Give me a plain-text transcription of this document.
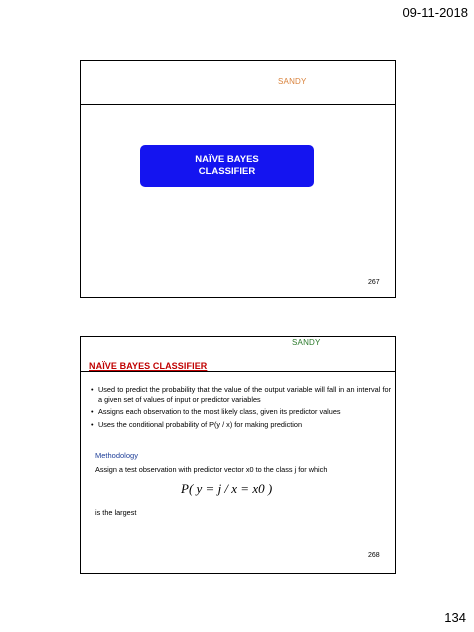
09-11-2018
SANDY
NAÏVE BAYES
CLASSIFIER
267
SANDY
NAÏVE BAYES CLASSIFIER
• Used to predict the probability that the value of the output variable will fall in an interval for a given set of values of input or predictor variables
• Assigns each observation to the most likely class, given its predictor values
• Uses the conditional probability of P(y / x) for making prediction
Methodology
Assign a test observation with predictor vector x0 to the class j for which
P( y = j / x = x0 )
is the largest
268
134
